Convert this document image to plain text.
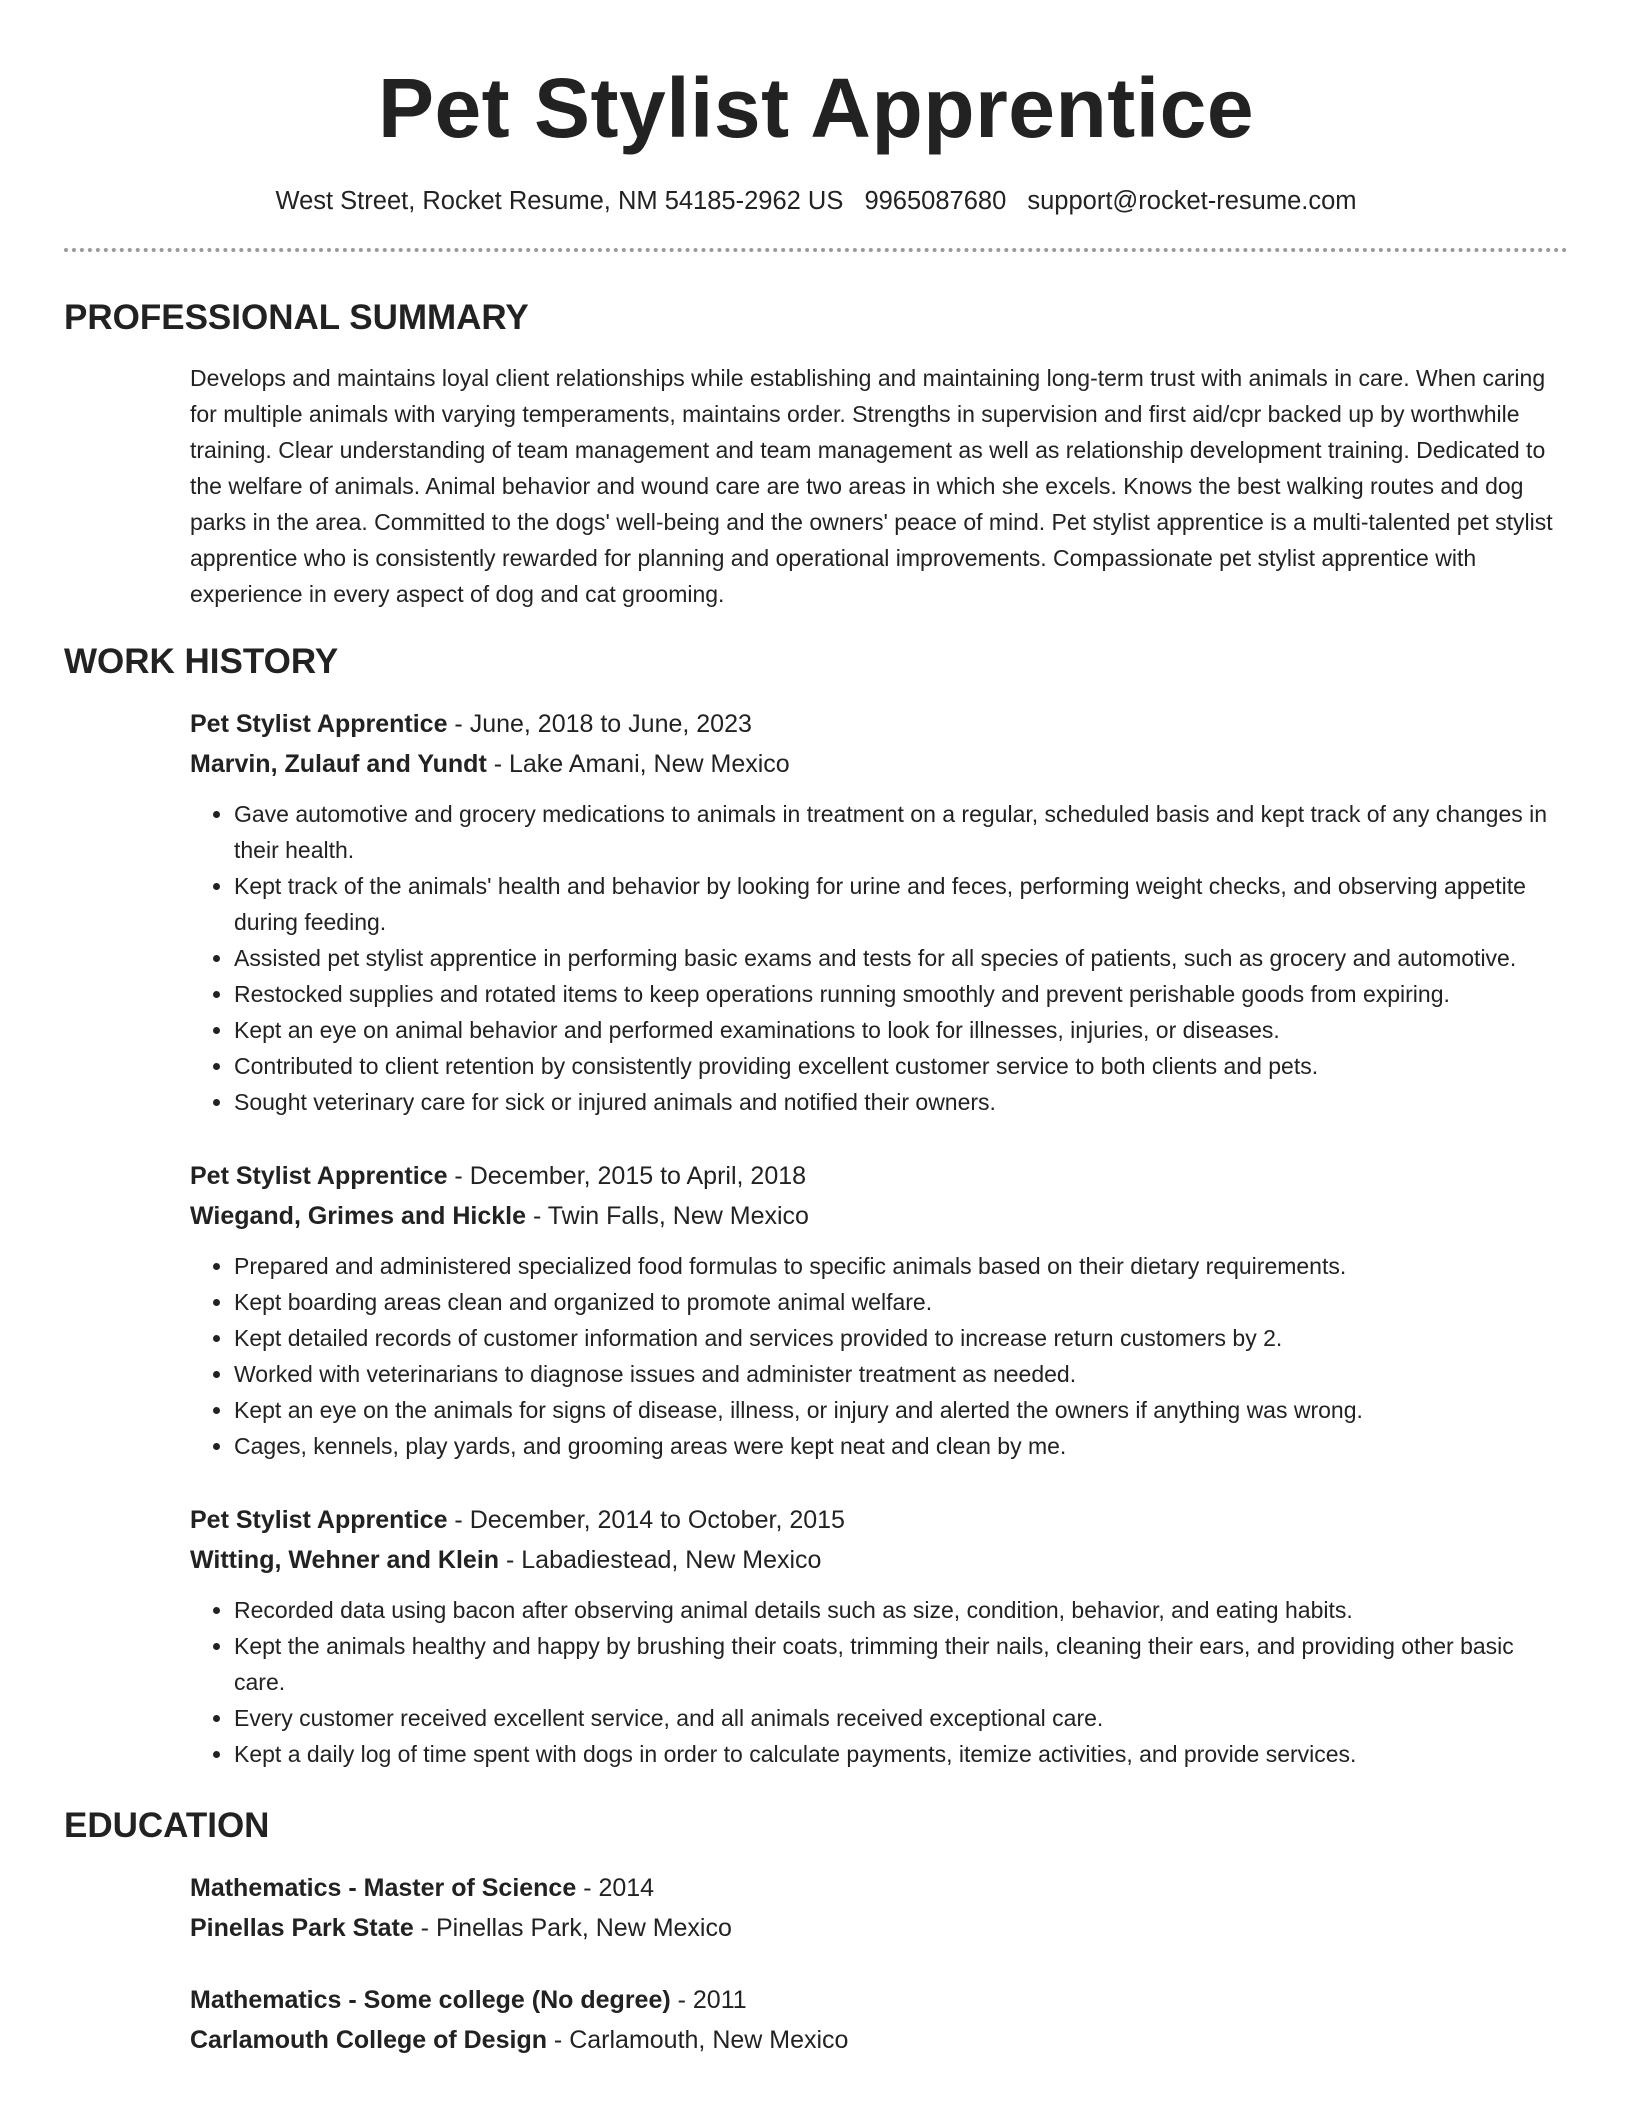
Pet Stylist Apprentice
West Street, Rocket Resume, NM 54185-2962 US 9965087680 support@rocket-resume.com
PROFESSIONAL SUMMARY
Develops and maintains loyal client relationships while establishing and maintaining long-term trust with animals in care. When caring for multiple animals with varying temperaments, maintains order. Strengths in supervision and first aid/cpr backed up by worthwhile training. Clear understanding of team management and team management as well as relationship development training. Dedicated to the welfare of animals. Animal behavior and wound care are two areas in which she excels. Knows the best walking routes and dog parks in the area. Committed to the dogs' well-being and the owners' peace of mind. Pet stylist apprentice is a multi-talented pet stylist apprentice who is consistently rewarded for planning and operational improvements. Compassionate pet stylist apprentice with experience in every aspect of dog and cat grooming.
WORK HISTORY
Pet Stylist Apprentice - June, 2018 to June, 2023
Marvin, Zulauf and Yundt - Lake Amani, New Mexico
• Gave automotive and grocery medications to animals in treatment on a regular, scheduled basis and kept track of any changes in their health.
• Kept track of the animals' health and behavior by looking for urine and feces, performing weight checks, and observing appetite during feeding.
• Assisted pet stylist apprentice in performing basic exams and tests for all species of patients, such as grocery and automotive.
• Restocked supplies and rotated items to keep operations running smoothly and prevent perishable goods from expiring.
• Kept an eye on animal behavior and performed examinations to look for illnesses, injuries, or diseases.
• Contributed to client retention by consistently providing excellent customer service to both clients and pets.
• Sought veterinary care for sick or injured animals and notified their owners.
Pet Stylist Apprentice - December, 2015 to April, 2018
Wiegand, Grimes and Hickle - Twin Falls, New Mexico
• Prepared and administered specialized food formulas to specific animals based on their dietary requirements.
• Kept boarding areas clean and organized to promote animal welfare.
• Kept detailed records of customer information and services provided to increase return customers by 2.
• Worked with veterinarians to diagnose issues and administer treatment as needed.
• Kept an eye on the animals for signs of disease, illness, or injury and alerted the owners if anything was wrong.
• Cages, kennels, play yards, and grooming areas were kept neat and clean by me.
Pet Stylist Apprentice - December, 2014 to October, 2015
Witting, Wehner and Klein - Labadiestead, New Mexico
• Recorded data using bacon after observing animal details such as size, condition, behavior, and eating habits.
• Kept the animals healthy and happy by brushing their coats, trimming their nails, cleaning their ears, and providing other basic care.
• Every customer received excellent service, and all animals received exceptional care.
• Kept a daily log of time spent with dogs in order to calculate payments, itemize activities, and provide services.
EDUCATION
Mathematics - Master of Science - 2014
Pinellas Park State - Pinellas Park, New Mexico
Mathematics - Some college (No degree) - 2011
Carlamouth College of Design - Carlamouth, New Mexico
